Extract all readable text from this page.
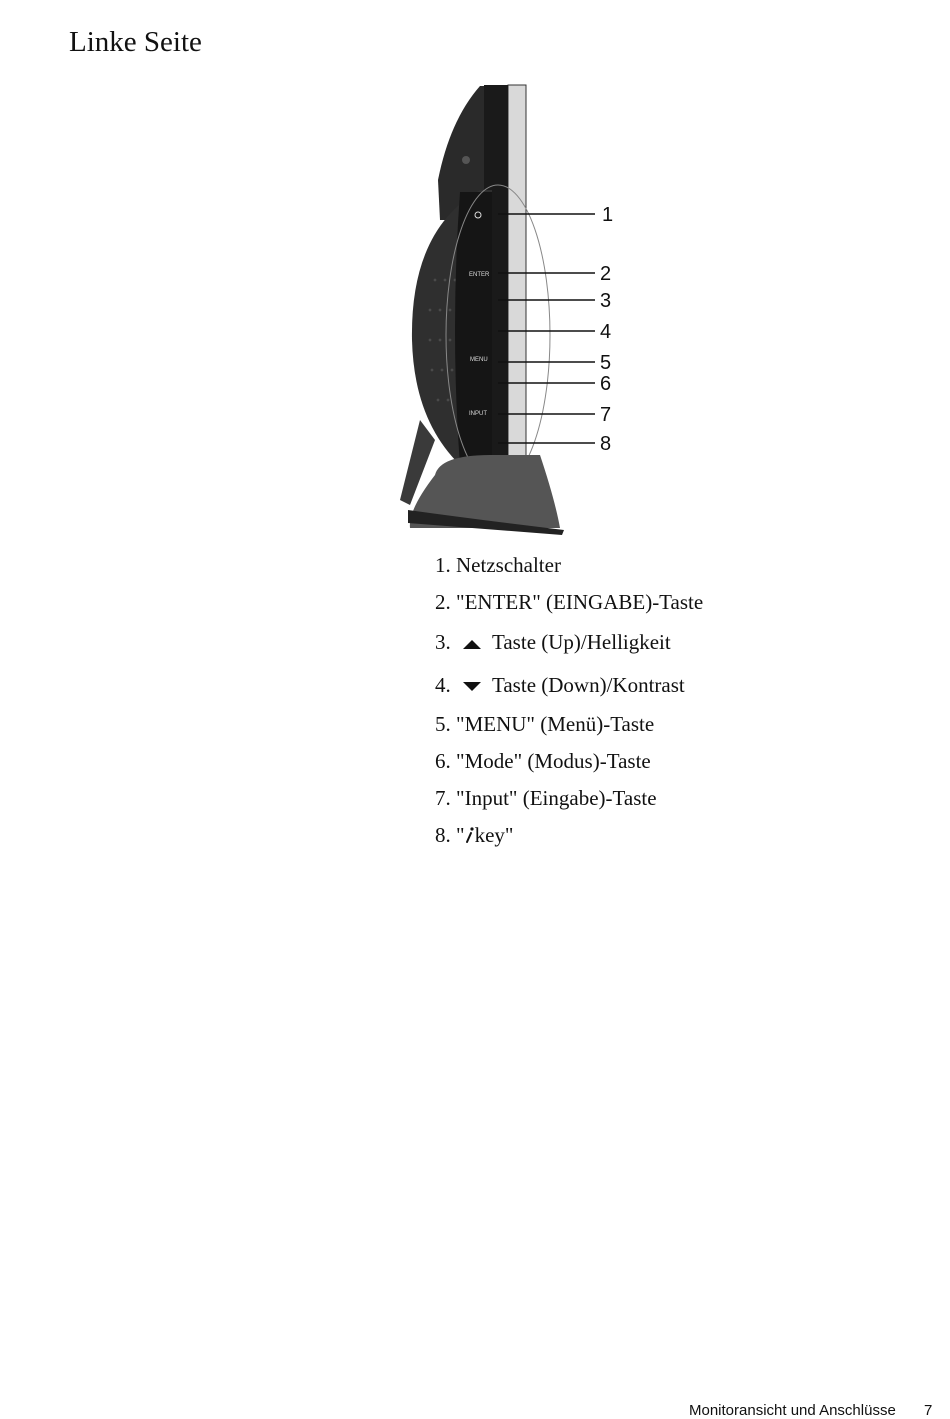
Linke Seite
ENTER
MENU
INPUT
1
2
3
4
5
6
7
8
1. Netzschalter
2. "ENTER" (EINGABE)-Taste
3. Taste (Up)/Helligkeit
4. Taste (Down)/Kontrast
5. "MENU" (Menü)-Taste
6. "Mode" (Modus)-Taste
7. "Input" (Eingabe)-Taste
8. " key"
Monitoransicht und Anschlüsse 7
